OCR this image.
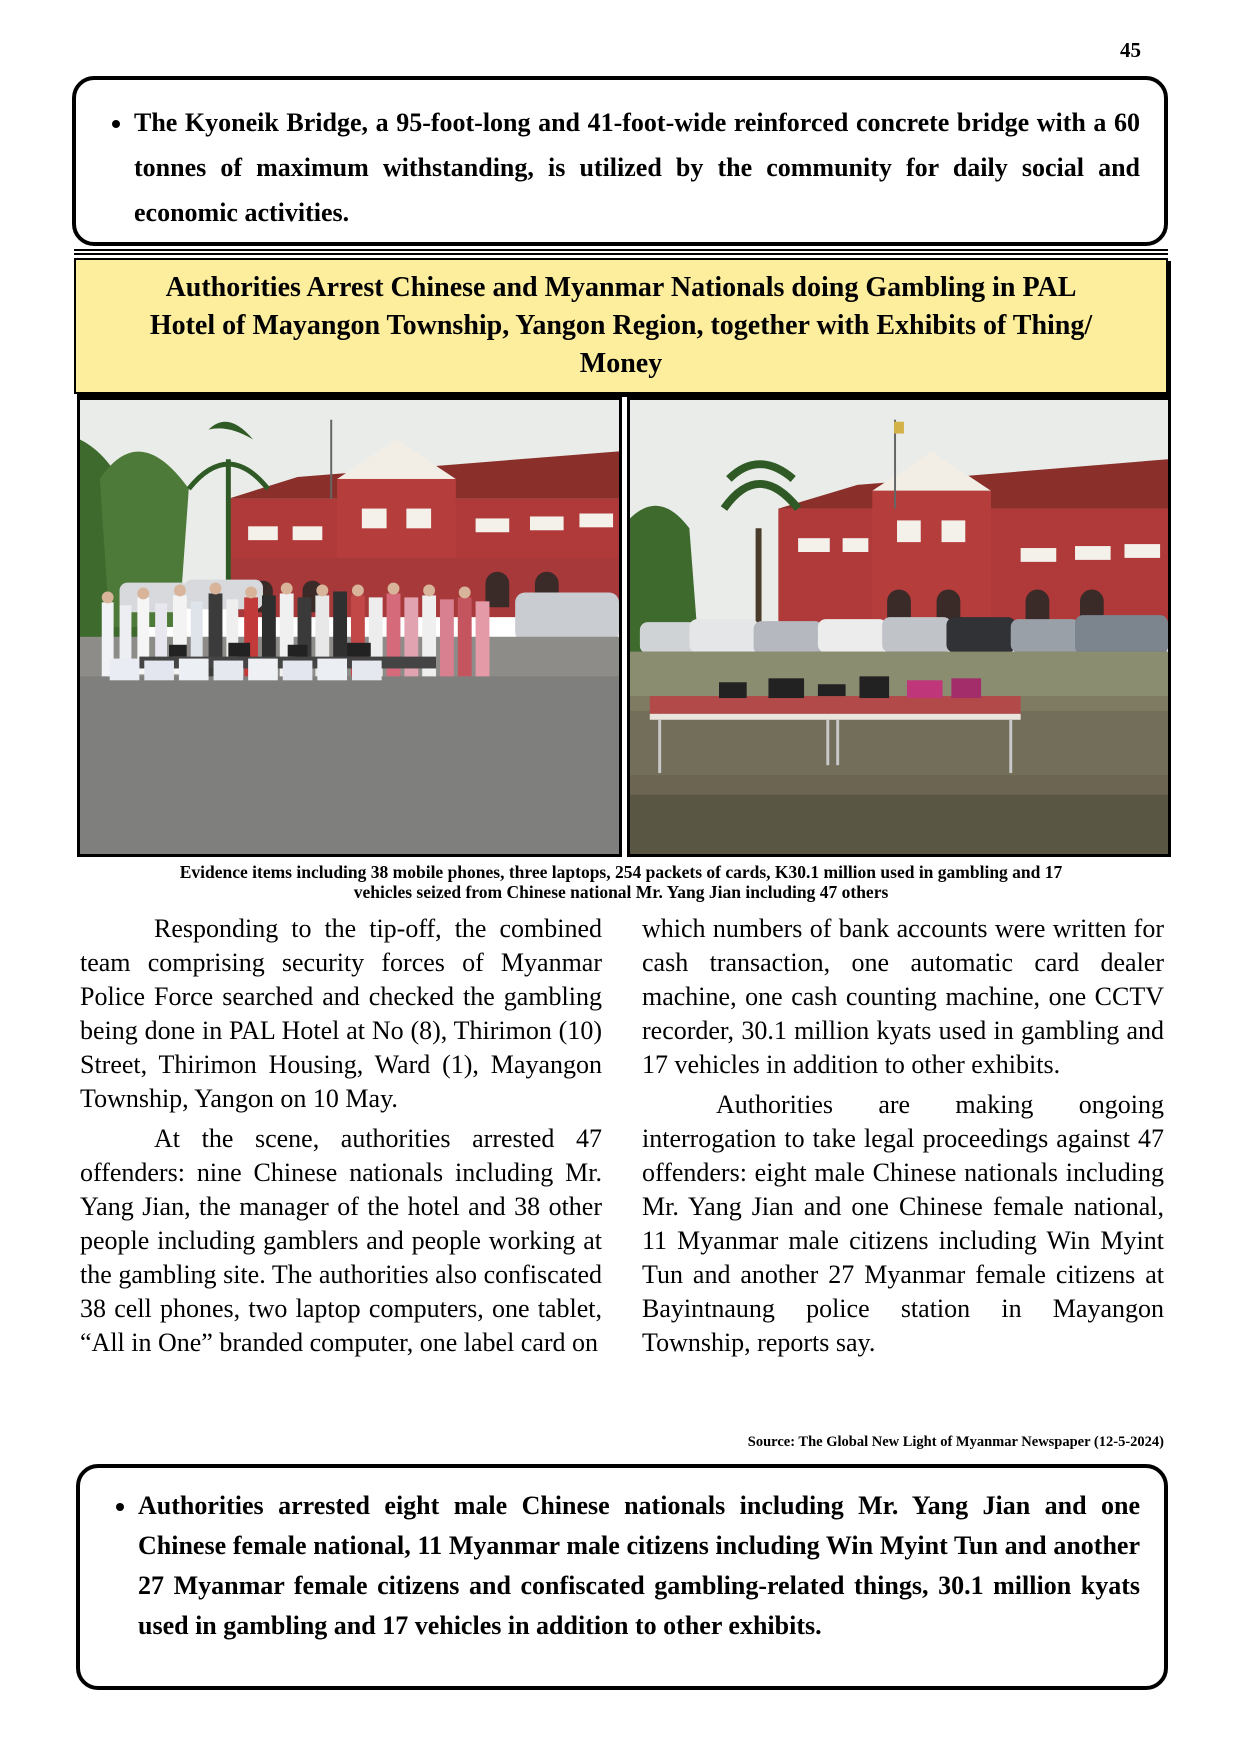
45
• The Kyoneik Bridge, a 95-foot-long and 41-foot-wide reinforced concrete bridge with a 60 tonnes of maximum withstanding, is utilized by the community for daily social and economic activities.
Authorities Arrest Chinese and Myanmar Nationals doing Gambling in PAL
Hotel of Mayangon Township, Yangon Region, together with Exhibits of Thing/
Money
Evidence items including 38 mobile phones, three laptops, 254 packets of cards, K30.1 million used in gambling and 17
vehicles seized from Chinese national Mr. Yang Jian including 47 others

Responding to the tip-off, the combined team comprising security forces of Myanmar Police Force searched and checked the gambling being done in PAL Hotel at No (8), Thirimon (10) Street, Thirimon Housing, Ward (1), Mayangon Township, Yangon on 10 May.

At the scene, authorities arrested 47 offenders: nine Chinese nationals including Mr. Yang Jian, the manager of the hotel and 38 other people including gamblers and people working at the gambling site. The authorities also confiscated 38 cell phones, two laptop computers, one tablet, “All in One” branded computer, one label card on

which numbers of bank accounts were written for cash transaction, one automatic card dealer machine, one cash counting machine, one CCTV recorder, 30.1 million kyats used in gambling and 17 vehicles in addition to other exhibits.

Authorities are making ongoing interrogation to take legal proceedings against 47 offenders: eight male Chinese nationals including Mr. Yang Jian and one Chinese female national, 11 Myanmar male citizens including Win Myint Tun and another 27 Myanmar female citizens at Bayintnaung police station in Mayangon Township, reports say.

Source: The Global New Light of Myanmar Newspaper (12-5-2024)
• Authorities arrested eight male Chinese nationals including Mr. Yang Jian and one Chinese female national, 11 Myanmar male citizens including Win Myint Tun and another 27 Myanmar female citizens and confiscated gambling-related things, 30.1 million kyats used in gambling and 17 vehicles in addition to other exhibits.
